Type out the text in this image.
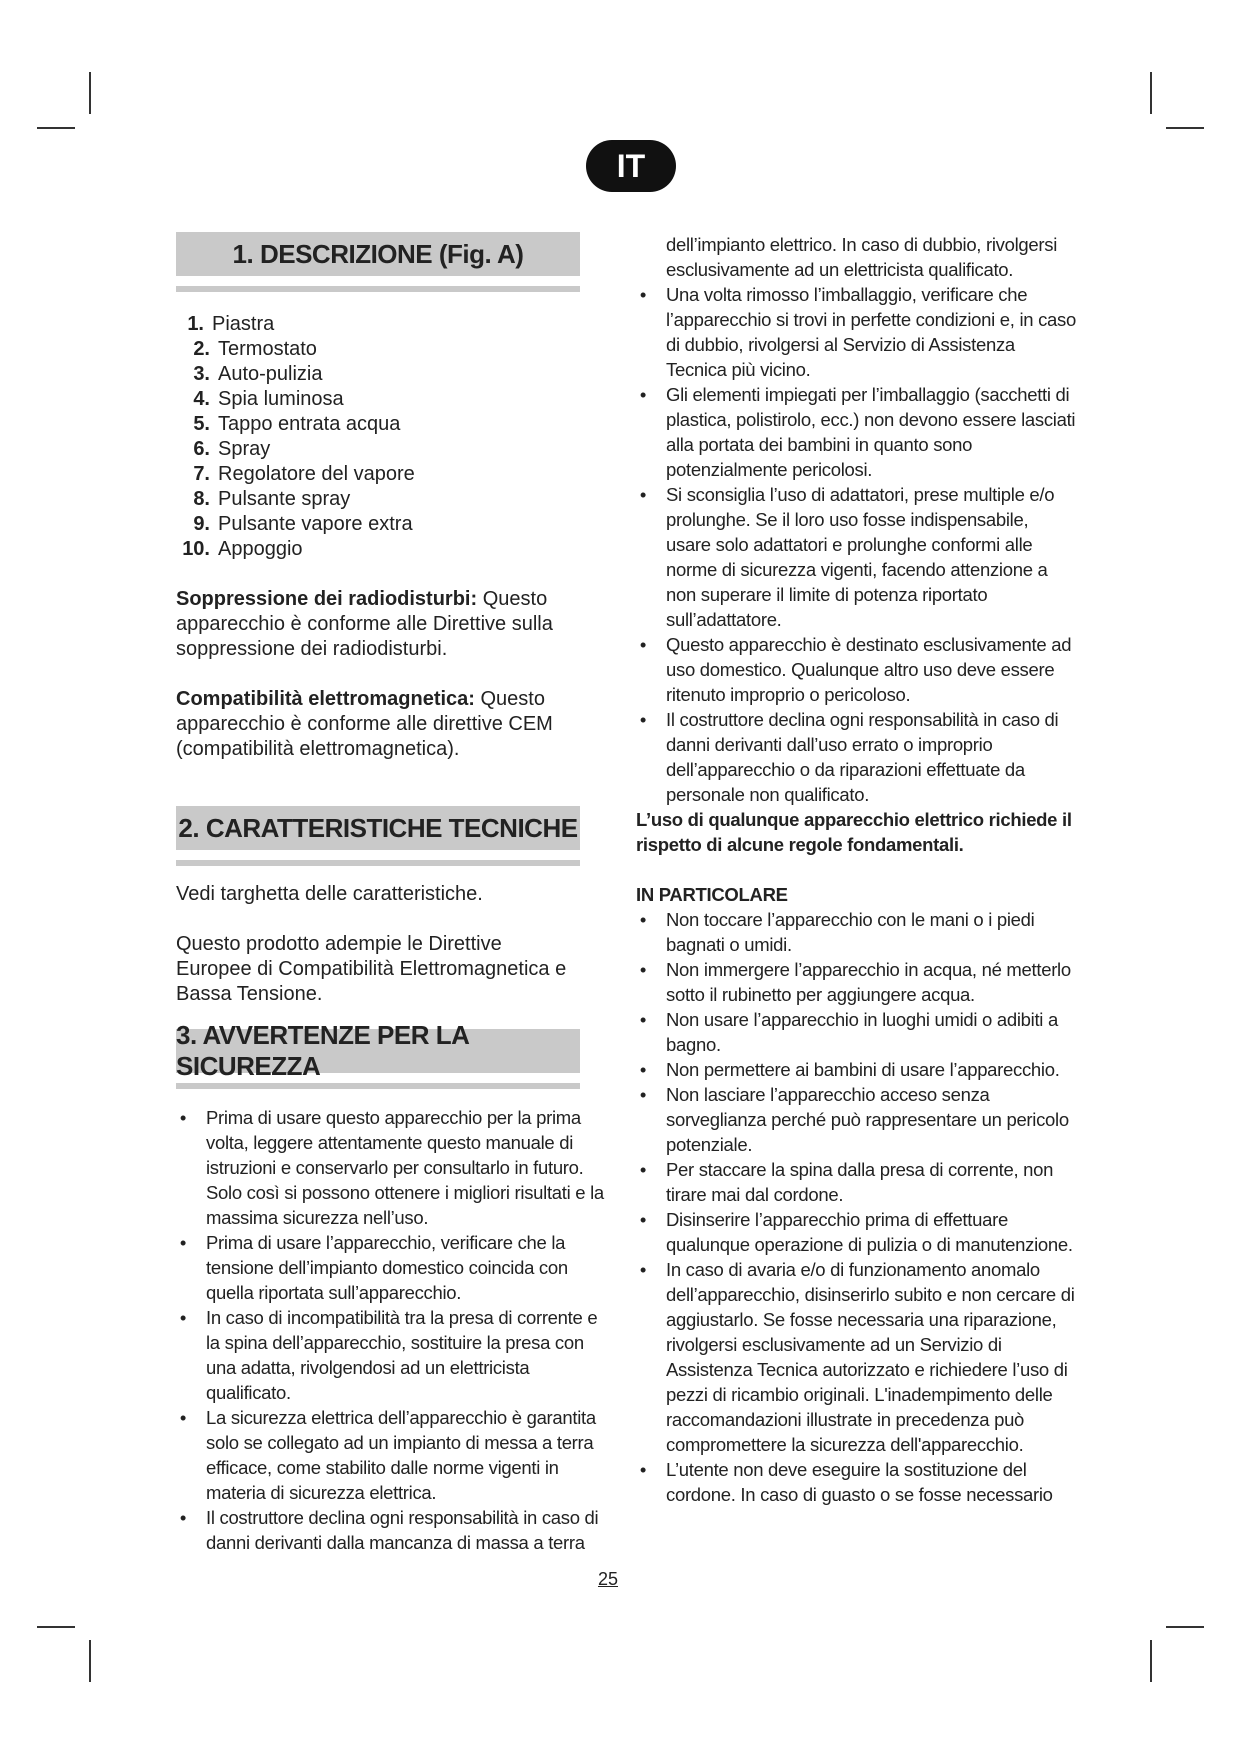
IT
1. DESCRIZIONE (Fig. A)
1. Piastra
2. Termostato
3. Auto-pulizia
4. Spia luminosa
5. Tappo entrata acqua
6. Spray
7. Regolatore del vapore
8. Pulsante spray
9. Pulsante vapore extra
10. Appoggio

Soppressione dei radiodisturbi: Questo apparecchio è conforme alle Direttive sulla soppressione dei radiodisturbi.

Compatibilità elettromagnetica: Questo apparecchio è conforme alle direttive CEM (compatibilità elettromagnetica).

2. CARATTERISTICHE TECNICHE

Vedi targhetta delle caratteristiche.

Questo prodotto adempie le Direttive Europee di Compatibilità Elettromagnetica e Bassa Tensione.

3. AVVERTENZE PER LA SICUREZZA
• Prima di usare questo apparecchio per la prima volta, leggere attentamente questo manuale di istruzioni e conservarlo per consultarlo in futuro. Solo così si possono ottenere i migliori risultati e la massima sicurezza nell’uso.
• Prima di usare l’apparecchio, verificare che la tensione dell’impianto domestico coincida con quella riportata sull’apparecchio.
• In caso di incompatibilità tra la presa di corrente e la spina dell’apparecchio, sostituire la presa con una adatta, rivolgendosi ad un elettricista qualificato.
• La sicurezza elettrica dell’apparecchio è garantita solo se collegato ad un impianto di messa a terra efficace, come stabilito dalle norme vigenti in materia di sicurezza elettrica.
• Il costruttore declina ogni responsabilità in caso di danni derivanti dalla mancanza di massa a terra

dell’impianto elettrico. In caso di dubbio, rivolgersi esclusivamente ad un elettricista qualificato.

• Una volta rimosso l’imballaggio, verificare che l’apparecchio si trovi in perfette condizioni e, in caso di dubbio, rivolgersi al Servizio di Assistenza Tecnica più vicino.
• Gli elementi impiegati per l’imballaggio (sacchetti di plastica, polistirolo, ecc.) non devono essere lasciati alla portata dei bambini in quanto sono potenzialmente pericolosi.
• Si sconsiglia l’uso di adattatori, prese multiple e/o prolunghe. Se il loro uso fosse indispensabile, usare solo adattatori e prolunghe conformi alle norme di sicurezza vigenti, facendo attenzione a non superare il limite di potenza riportato sull’adattatore.
• Questo apparecchio è destinato esclusivamente ad uso domestico. Qualunque altro uso deve essere ritenuto improprio o pericoloso.
• Il costruttore declina ogni responsabilità in caso di danni derivanti dall’uso errato o improprio dell’apparecchio o da riparazioni effettuate da personale non qualificato.

L’uso di qualunque apparecchio elettrico richiede il rispetto di alcune regole fondamentali.

IN PARTICOLARE

• Non toccare l’apparecchio con le mani o i piedi bagnati o umidi.
• Non immergere l’apparecchio in acqua, né metterlo sotto il rubinetto per aggiungere acqua.
• Non usare l’apparecchio in luoghi umidi o adibiti a bagno.
• Non permettere ai bambini di usare l’apparecchio.
• Non lasciare l’apparecchio acceso senza sorveglianza perché può rappresentare un pericolo potenziale.
• Per staccare la spina dalla presa di corrente, non tirare mai dal cordone.
• Disinserire l’apparecchio prima di effettuare qualunque operazione di pulizia o di manutenzione.
• In caso di avaria e/o di funzionamento anomalo dell’apparecchio, disinserirlo subito e non cercare di aggiustarlo. Se fosse necessaria una riparazione, rivolgersi esclusivamente ad un Servizio di Assistenza Tecnica autorizzato e richiedere l’uso di pezzi di ricambio originali. L'inadempimento delle raccomandazioni illustrate in precedenza può compromettere la sicurezza dell'apparecchio.
• L’utente non deve eseguire la sostituzione del cordone. In caso di guasto o se fosse necessario
25
